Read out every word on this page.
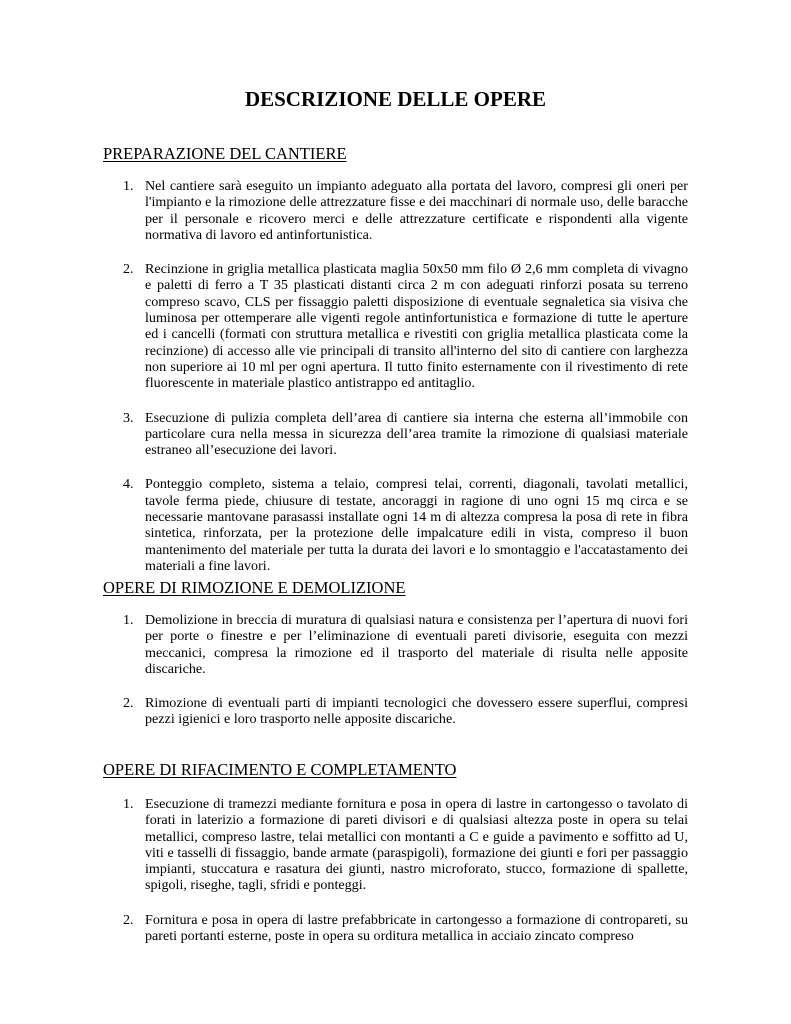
DESCRIZIONE DELLE OPERE
PREPARAZIONE DEL CANTIERE
1. Nel cantiere sarà eseguito un impianto adeguato alla portata del lavoro, compresi gli oneri per l'impianto e la rimozione delle attrezzature fisse e dei macchinari di normale uso, delle baracche per il personale e ricovero merci e delle attrezzature certificate e rispondenti alla vigente normativa di lavoro ed antinfortunistica.
2. Recinzione in griglia metallica plasticata maglia 50x50 mm filo Ø 2,6 mm completa di vivagno e paletti di ferro a T 35 plasticati distanti circa 2 m con adeguati rinforzi posata su terreno compreso scavo, CLS per fissaggio paletti disposizione di eventuale segnaletica sia visiva che luminosa per ottemperare alle vigenti regole antinfortunistica e formazione di tutte le aperture ed i cancelli (formati con struttura metallica e rivestiti con griglia metallica plasticata come la recinzione) di accesso alle vie principali di transito all'interno del sito di cantiere con larghezza non superiore ai 10 ml per ogni apertura. Il tutto finito esternamente con il rivestimento di rete fluorescente in materiale plastico antistrappo ed antitaglio.
3. Esecuzione di pulizia completa dell’area di cantiere sia interna che esterna all’immobile con particolare cura nella messa in sicurezza dell’area tramite la rimozione di qualsiasi materiale estraneo all’esecuzione dei lavori.
4. Ponteggio completo, sistema a telaio, compresi telai, correnti, diagonali, tavolati metallici, tavole ferma piede, chiusure di testate, ancoraggi in ragione di uno ogni 15 mq circa e se necessarie mantovane parasassi installate ogni 14 m di altezza compresa la posa di rete in fibra sintetica, rinforzata, per la protezione delle impalcature edili in vista, compreso il buon mantenimento del materiale per tutta la durata dei lavori e lo smontaggio e l'accatastamento dei materiali a fine lavori.
OPERE DI RIMOZIONE E DEMOLIZIONE
1. Demolizione in breccia di muratura di qualsiasi natura e consistenza per l’apertura di nuovi fori per porte o finestre e per l’eliminazione di eventuali pareti divisorie, eseguita con mezzi meccanici, compresa la rimozione ed il trasporto del materiale di risulta nelle apposite discariche.
2. Rimozione di eventuali parti di impianti tecnologici che dovessero essere superflui, compresi pezzi igienici e loro trasporto nelle apposite discariche.
OPERE DI RIFACIMENTO E COMPLETAMENTO
1. Esecuzione di tramezzi mediante fornitura e posa in opera di lastre in cartongesso o tavolato di forati in laterizio a formazione di pareti divisori e di qualsiasi altezza poste in opera su telai metallici, compreso lastre, telai metallici con montanti a C e guide a pavimento e soffitto ad U, viti e tasselli di fissaggio, bande armate (paraspigoli), formazione dei giunti e fori per passaggio impianti, stuccatura e rasatura dei giunti, nastro microforato, stucco, formazione di spallette, spigoli, riseghe, tagli, sfridi e ponteggi.
2. Fornitura e posa in opera di lastre prefabbricate in cartongesso a formazione di contropareti, su pareti portanti esterne, poste in opera su orditura metallica in acciaio zincato compreso
